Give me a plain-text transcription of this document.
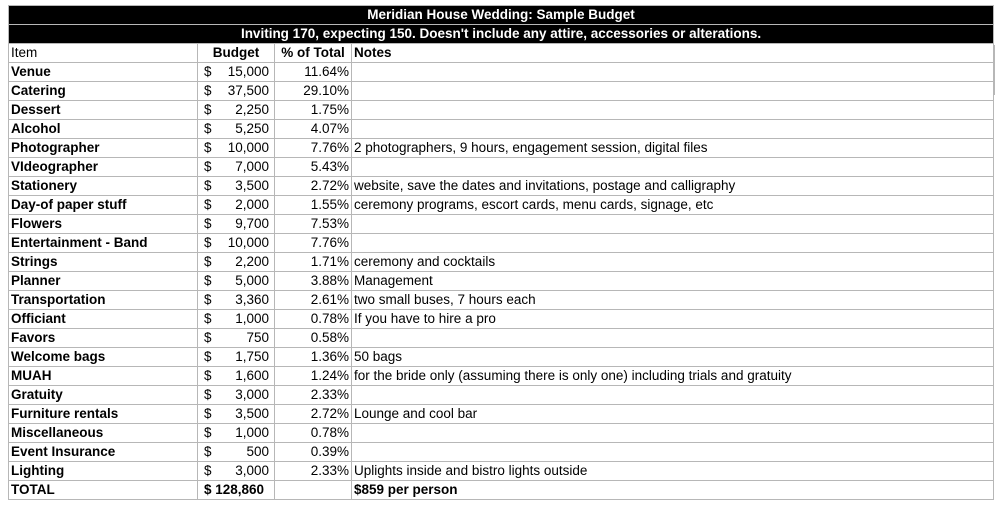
Meridian House Wedding: Sample Budget			
Inviting 170, expecting 150. Doesn't include any attire, accessories or alterations.			
Item	Budget	% of Total	Notes
Venue	$ 15,000	11.64%	
Catering	$ 37,500	29.10%	
Dessert	$ 2,250	1.75%	
Alcohol	$ 5,250	4.07%	
Photographer	$ 10,000	7.76%	2 photographers, 9 hours, engagement session, digital files
VIdeographer	$ 7,000	5.43%	
Stationery	$ 3,500	2.72%	website, save the dates and invitations, postage and calligraphy
Day-of paper stuff	$ 2,000	1.55%	ceremony programs, escort cards, menu cards, signage, etc
Flowers	$ 9,700	7.53%	
Entertainment - Band	$ 10,000	7.76%	
Strings	$ 2,200	1.71%	ceremony and cocktails
Planner	$ 5,000	3.88%	Management
Transportation	$ 3,360	2.61%	two small buses, 7 hours each
Officiant	$ 1,000	0.78%	If you have to hire a pro
Favors	$ 750	0.58%	
Welcome bags	$ 1,750	1.36%	50 bags
MUAH	$ 1,600	1.24%	for the bride only (assuming there is only one) including trials and gratuity
Gratuity	$ 3,000	2.33%	
Furniture rentals	$ 3,500	2.72%	Lounge and cool bar
Miscellaneous	$ 1,000	0.78%	
Event Insurance	$ 500	0.39%	
Lighting	$ 3,000	2.33%	Uplights inside and bistro lights outside
TOTAL	$ 128,860		$859 per person
